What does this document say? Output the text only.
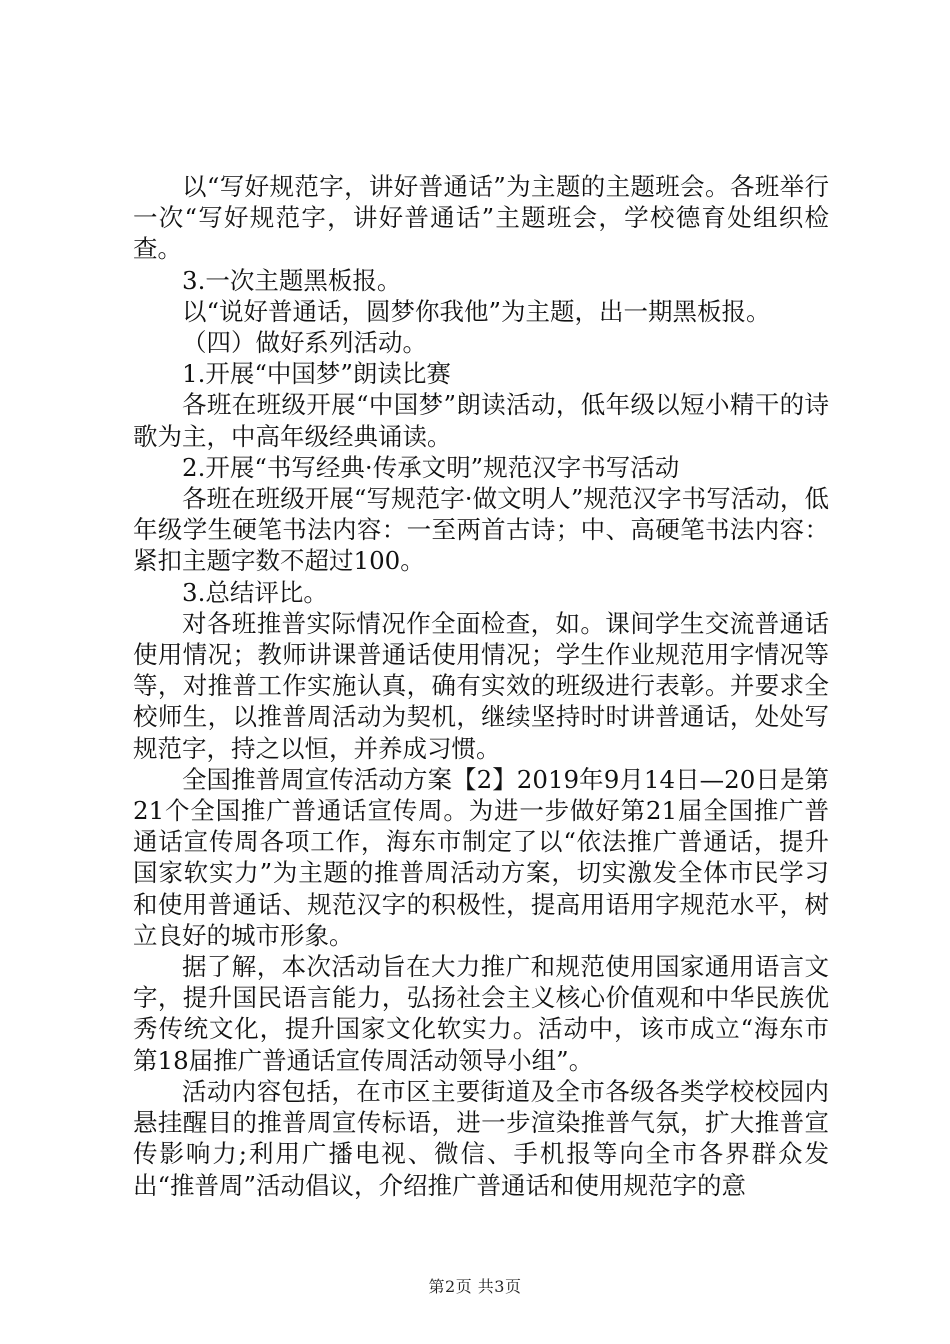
以“写好规范字，讲好普通话”为主题的主题班会。各班举行一次“写好规范字，讲好普通话”主题班会，学校德育处组织检查。

3.一次主题黑板报。

以“说好普通话，圆梦你我他”为主题，出一期黑板报。

（四）做好系列活动。

1.开展“中国梦”朗读比赛

各班在班级开展“中国梦”朗读活动，低年级以短小精干的诗歌为主，中高年级经典诵读。

2.开展“书写经典·传承文明”规范汉字书写活动

各班在班级开展“写规范字·做文明人”规范汉字书写活动，低年级学生硬笔书法内容：一至两首古诗；中、高硬笔书法内容：紧扣主题字数不超过100。

3.总结评比。

对各班推普实际情况作全面检查，如。课间学生交流普通话使用情况；教师讲课普通话使用情况；学生作业规范用字情况等等，对推普工作实施认真，确有实效的班级进行表彰。并要求全校师生，以推普周活动为契机，继续坚持时时讲普通话，处处写规范字，持之以恒，并养成习惯。

全国推普周宣传活动方案【2】2019年9月14日—20日是第21个全国推广普通话宣传周。为进一步做好第21届全国推广普通话宣传周各项工作，海东市制定了以“依法推广普通话，提升国家软实力”为主题的推普周活动方案，切实激发全体市民学习和使用普通话、规范汉字的积极性，提高用语用字规范水平，树立良好的城市形象。

据了解，本次活动旨在大力推广和规范使用国家通用语言文字，提升国民语言能力，弘扬社会主义核心价值观和中华民族优秀传统文化，提升国家文化软实力。活动中，该市成立“海东市第18届推广普通话宣传周活动领导小组”。

活动内容包括，在市区主要街道及全市各级各类学校校园内悬挂醒目的推普周宣传标语，进一步渲染推普气氛，扩大推普宣传影响力;利用广播电视、微信、手机报等向全市各界群众发出“推普周”活动倡议，介绍推广普通话和使用规范字的意

第2页 共3页
